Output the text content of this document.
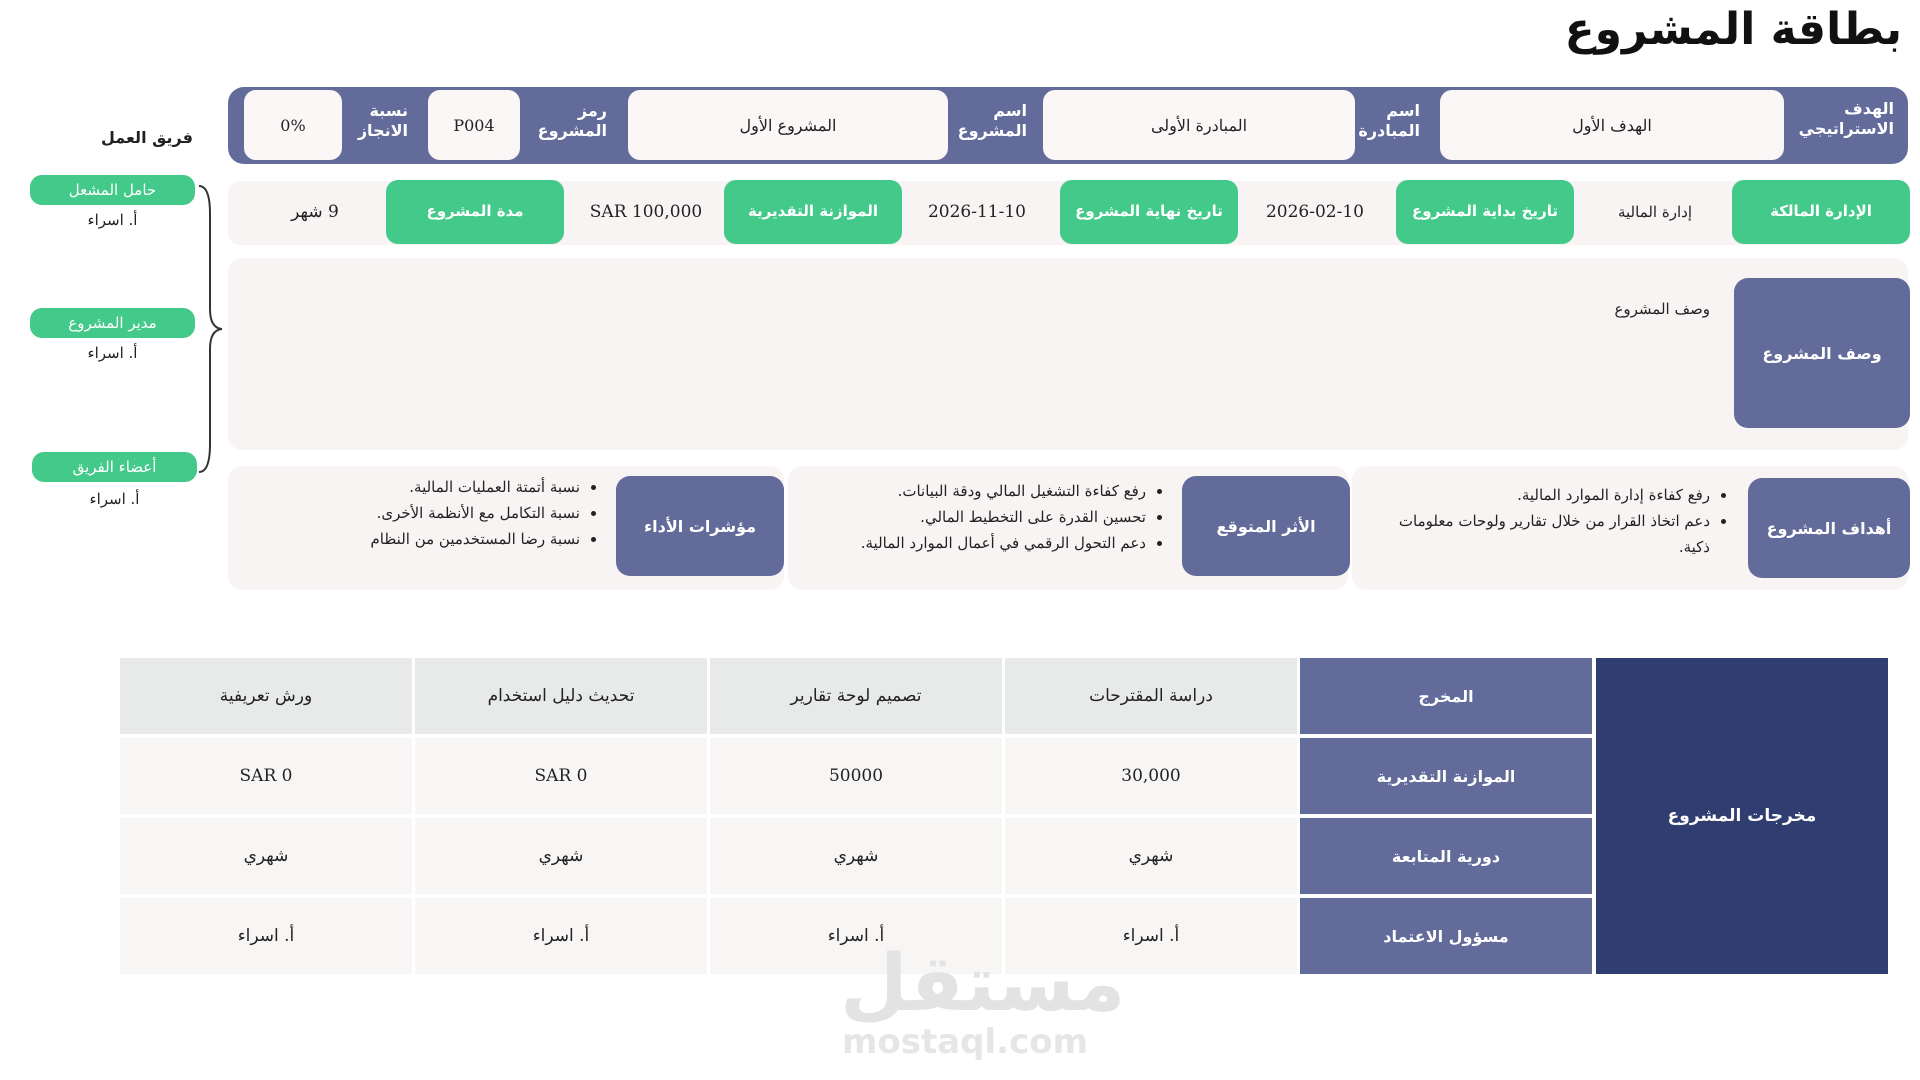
بطاقة المشروع
الهدف الاستراتيجي
الهدف الأول
اسم المبادرة
المبادرة الأولى
اسم المشروع
المشروع الأول
رمز المشروع
P004
نسبة الانجاز
0%
الإدارة المالكة
إدارة المالية
تاريخ بداية المشروع
2026-02-10
تاريخ نهاية المشروع
2026-11-10
الموازنة التقديرية
SAR 100,000
مدة المشروع
9 شهر
وصف المشروع
وصف المشروع
أهداف المشروع
• رفع كفاءة إدارة الموارد المالية.
• دعم اتخاذ القرار من خلال تقارير ولوحات معلومات ذكية.
الأثر المتوقع
• رفع كفاءة التشغيل المالي ودقة البيانات.
• تحسين القدرة على التخطيط المالي.
• دعم التحول الرقمي في أعمال الموارد المالية.
مؤشرات الأداء
• نسبة أتمتة العمليات المالية.
• نسبة التكامل مع الأنظمة الأخرى.
• نسبة رضا المستخدمين من النظام
فريق العمل
حامل المشعل
أ. اسراء
مدير المشروع
أ. اسراء
أعضاء الفريق
أ. اسراء
مخرجات المشروع
المخرج
الموازنة التقديرية
دورية المتابعة
مسؤول الاعتماد
دراسة المقترحات
30,000
شهري
أ. اسراء
تصميم لوحة تقارير
50000
شهري
أ. اسراء
تحديث دليل استخدام
SAR 0
شهري
أ. اسراء
ورش تعريفية
SAR 0
شهري
أ. اسراء
مستقل
mostaql.com
